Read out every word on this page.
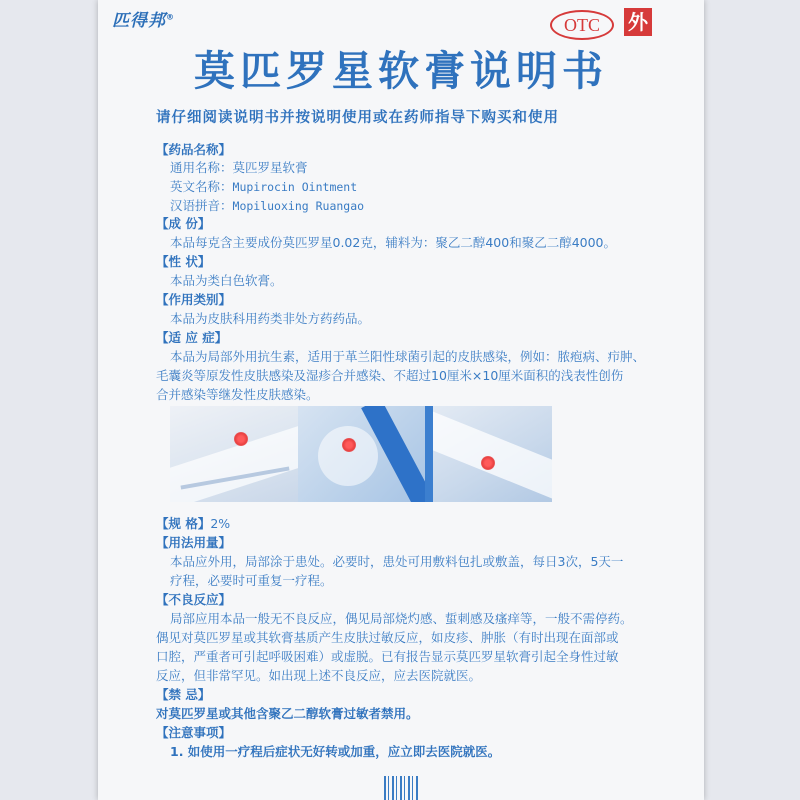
匹得邦®	OTC	外
莫匹罗星软膏说明书
请仔细阅读说明书并按说明使用或在药师指导下购买和使用
【药品名称】
通用名称：莫匹罗星软膏
英文名称：Mupirocin Ointment
汉语拼音：Mopiluoxing Ruangao
【成 份】
本品每克含主要成份莫匹罗星0.02克，辅料为：聚乙二醇400和聚乙二醇4000。
【性 状】
本品为类白色软膏。
【作用类别】
本品为皮肤科用药类非处方药药品。
【适 应 症】
本品为局部外用抗生素，适用于革兰阳性球菌引起的皮肤感染，例如：脓疱病、疖肿、
毛囊炎等原发性皮肤感染及湿疹合并感染、不超过10厘米×10厘米面积的浅表性创伤
合并感染等继发性皮肤感染。
【规 格】2%
【用法用量】
本品应外用，局部涂于患处。必要时，患处可用敷料包扎或敷盖，每日3次，5天一
疗程，必要时可重复一疗程。
【不良反应】
局部应用本品一般无不良反应，偶见局部烧灼感、蜇刺感及瘙痒等，一般不需停药。
偶见对莫匹罗星或其软膏基质产生皮肤过敏反应，如皮疹、肿胀（有时出现在面部或
口腔，严重者可引起呼吸困难）或虚脱。已有报告显示莫匹罗星软膏引起全身性过敏
反应，但非常罕见。如出现上述不良反应，应去医院就医。
【禁 忌】
对莫匹罗星或其他含聚乙二醇软膏过敏者禁用。
【注意事项】
1. 如使用一疗程后症状无好转或加重，应立即去医院就医。
